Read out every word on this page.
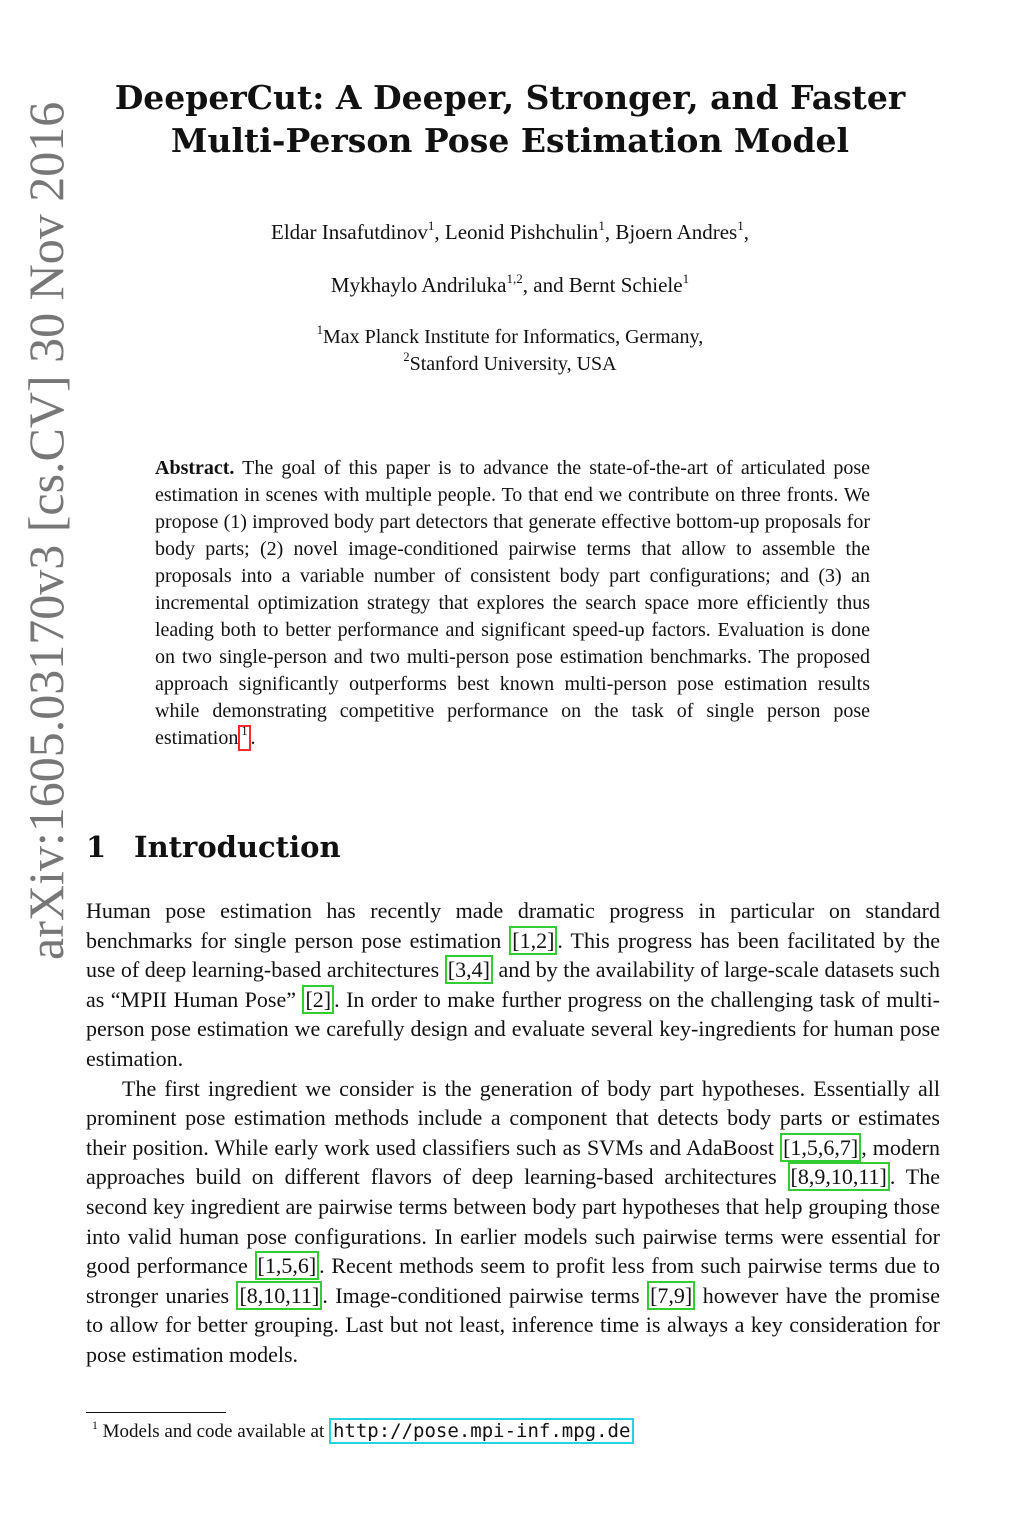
arXiv:1605.03170v3 [cs.CV] 30 Nov 2016
DeeperCut: A Deeper, Stronger, and Faster
Multi-Person Pose Estimation Model
Eldar Insafutdinov$^1$, Leonid Pishchulin$^1$, Bjoern Andres$^1$,
Mykhaylo Andriluka$^{1,2}$, and Bernt Schiele$^1$
$^1$Max Planck Institute for Informatics, Germany,
$^2$Stanford University, USA
Abstract. The goal of this paper is to advance the state-of-the-art of articulated pose estimation in scenes with multiple people. To that end we contribute on three fronts. We propose (1) improved body part detectors that generate effective bottom-up proposals for body parts; (2) novel image-conditioned pairwise terms that allow to assemble the proposals into a variable number of consistent body part configurations; and (3) an incremental optimization strategy that explores the search space more efficiently thus leading both to better performance and significant speed-up factors. Evaluation is done on two single-person and two multi-person pose estimation benchmarks. The proposed approach significantly outperforms best known multi-person pose estimation results while demonstrating competitive performance on the task of single person pose estimation $^1$ .
1 Introduction

Human pose estimation has recently made dramatic progress in particular on standard benchmarks for single person pose estimation [1,2] . This progress has been facilitated by the use of deep learning-based architectures [3,4] and by the availability of large-scale datasets such as “MPII Human Pose” [2] . In order to make further progress on the challenging task of multi-person pose estimation we carefully design and evaluate several key-ingredients for human pose estimation.

The first ingredient we consider is the generation of body part hypotheses. Essentially all prominent pose estimation methods include a component that detects body parts or estimates their position. While early work used classifiers such as SVMs and AdaBoost [1,5,6,7] , modern approaches build on different flavors of deep learning-based architectures [8,9,10,11] . The second key ingredient are pairwise terms between body part hypotheses that help grouping those into valid human pose configurations. In earlier models such pairwise terms were essential for good performance [1,5,6] . Recent methods seem to profit less from such pairwise terms due to stronger unaries [8,10,11] . Image-conditioned pairwise terms [7,9] however have the promise to allow for better grouping. Last but not least, inference time is always a key consideration for pose estimation models.

$^1$ Models and code available at http://pose.mpi-inf.mpg.de
